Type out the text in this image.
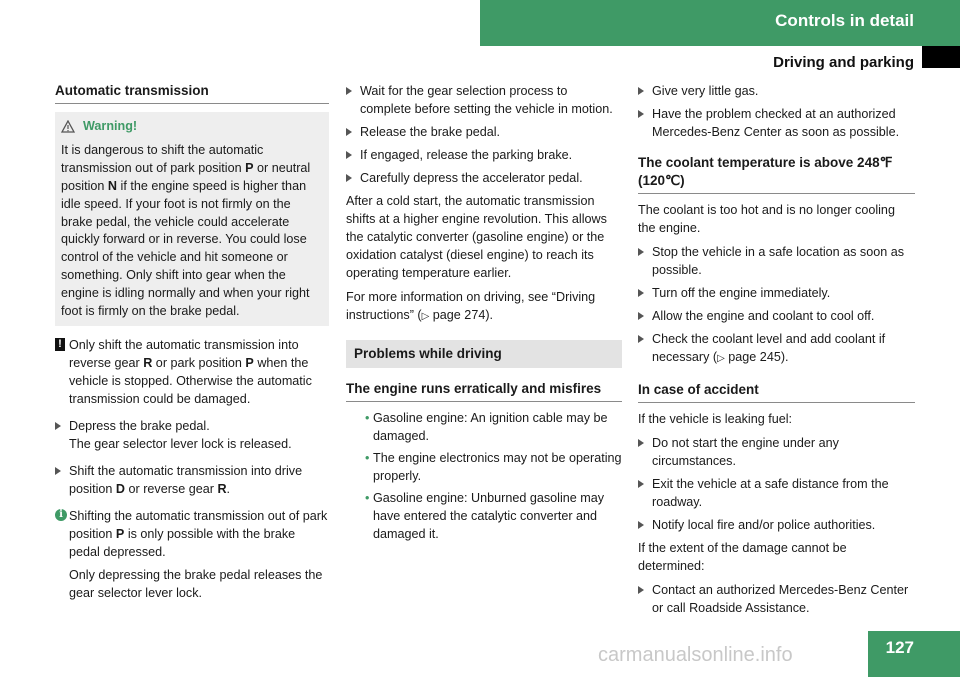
Controls in detail
Driving and parking
Automatic transmission
Warning!
It is dangerous to shift the automatic transmission out of park position P or neutral position N if the engine speed is higher than idle speed. If your foot is not firmly on the brake pedal, the vehicle could accelerate quickly forward or in reverse. You could lose control of the vehicle and hit someone or something. Only shift into gear when the engine is idling normally and when your right foot is firmly on the brake pedal.
! Only shift the automatic transmission into reverse gear R or park position P when the vehicle is stopped. Otherwise the automatic transmission could be damaged.
Depress the brake pedal.
The gear selector lever lock is released.
Shift the automatic transmission into drive position D or reverse gear R.
i Shifting the automatic transmission out of park position P is only possible with the brake pedal depressed.
Only depressing the brake pedal releases the gear selector lever lock.
Wait for the gear selection process to complete before setting the vehicle in motion.
Release the brake pedal.
If engaged, release the parking brake.
Carefully depress the accelerator pedal.

After a cold start, the automatic transmission shifts at a higher engine revolution. This allows the catalytic converter (gasoline engine) or the oxidation catalyst (diesel engine) to reach its operating temperature earlier.

For more information on driving, see “Driving instructions” (▷ page 274).

Problems while driving
The engine runs erratically and misfires
• Gasoline engine: An ignition cable may be damaged.
• The engine electronics may not be operating properly.
• Gasoline engine: Unburned gasoline may have entered the catalytic converter and damaged it.
Give very little gas.
Have the problem checked at an authorized Mercedes-Benz Center as soon as possible.
The coolant temperature is above 248℉ (120℃)

The coolant is too hot and is no longer cooling the engine.

Stop the vehicle in a safe location as soon as possible.
Turn off the engine immediately.
Allow the engine and coolant to cool off.
Check the coolant level and add coolant if necessary (▷ page 245).
In case of accident

If the vehicle is leaking fuel:

Do not start the engine under any circumstances.
Exit the vehicle at a safe distance from the roadway.
Notify local fire and/or police authorities.

If the extent of the damage cannot be determined:

Contact an authorized Mercedes-Benz Center or call Roadside Assistance.
127
carmanualsonline.info
